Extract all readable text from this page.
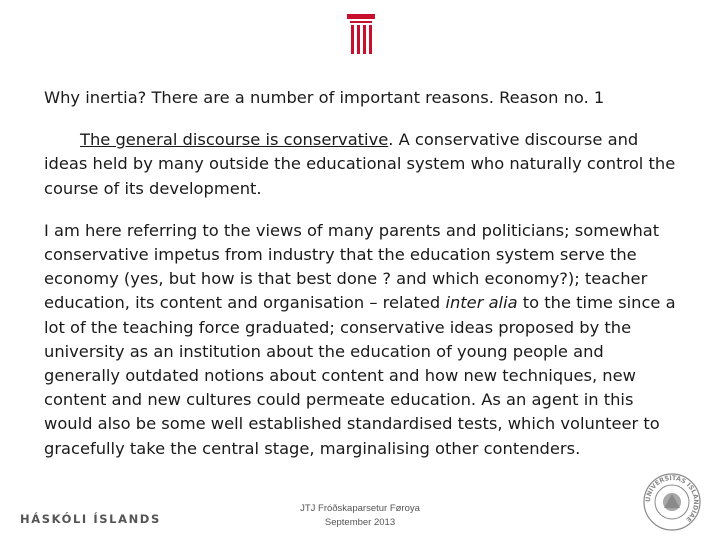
Why inertia? There are a number of important reasons. Reason no. 1

The general discourse is conservative. A conservative discourse and ideas held by many outside the educational system who naturally control the course of its development.

I am here referring to the views of many parents and politicians; somewhat conservative impetus from industry that the education system serve the economy (yes, but how is that best done ? and which economy?); teacher education, its content and organisation – related inter alia to the time since a lot of the teaching force graduated; conservative ideas proposed by the university as an institution about the education of young people and generally outdated notions about content and how new techniques, new content and new cultures could permeate education. As an agent in this would also be some well established standardised tests, which volunteer to gracefully take the central stage, marginalising other contenders.

HÁSKÓLI ÍSLANDS
JTJ Fróðskaparsetur Føroya
September 2013
UNIVERSITAS ISLANDIAE
